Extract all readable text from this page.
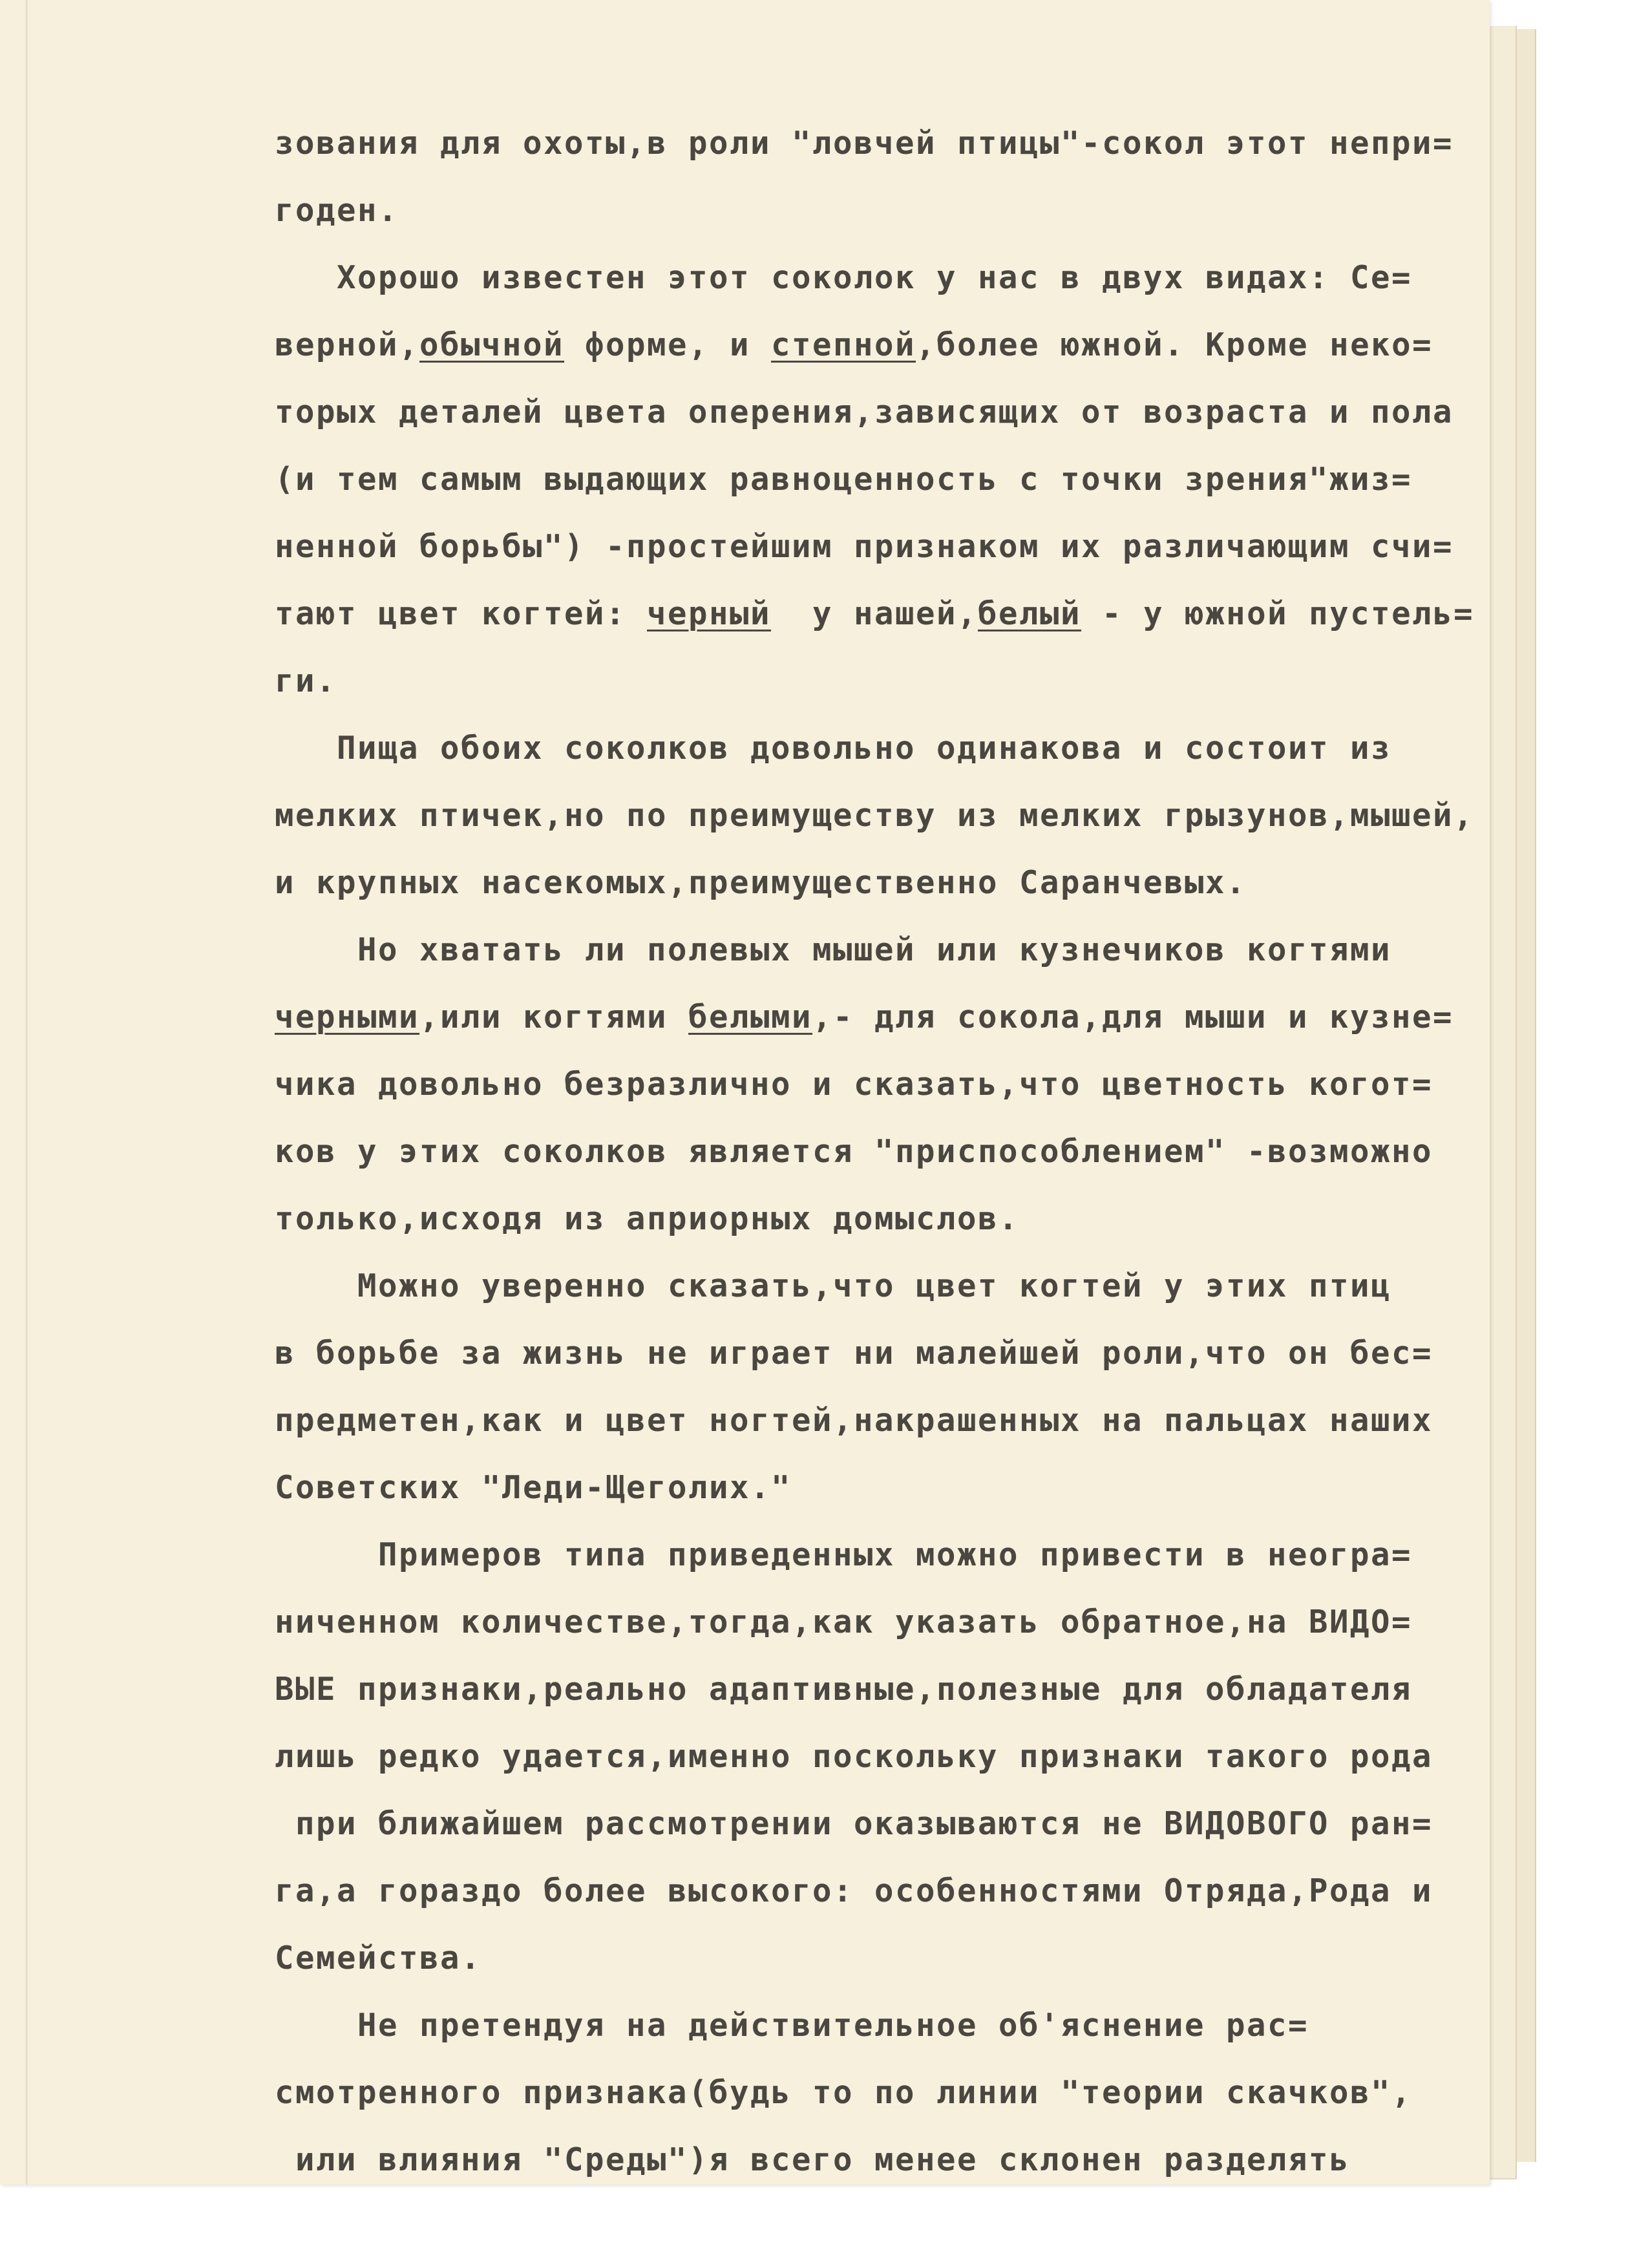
зования для охоты,в роли "ловчей птицы"-сокол этот непри=
годен.
Хорошо известен этот соколок у нас в двух видах: Се=
верной,обычной форме, и степной,более южной. Кроме неко=
торых деталей цвета оперения,зависящих от возраста и пола
(и тем самым выдающих равноценность с точки зрения"жиз=
ненной борьбы") -простейшим признаком их различающим счи=
тают цвет когтей: черный  у нашей,белый - у южной пустель=
ги.
Пища обоих соколков довольно одинакова и состоит из
мелких птичек,но по преимуществу из мелких грызунов,мышей,
и крупных насекомых,преимущественно Саранчевых.
Но хватать ли полевых мышей или кузнечиков когтями
черными,или когтями белыми,- для сокола,для мыши и кузне=
чика довольно безразлично и сказать,что цветность когот=
ков у этих соколков является "приспособлением" -возможно
только,исходя из априорных домыслов.
Можно уверенно сказать,что цвет когтей у этих птиц
в борьбе за жизнь не играет ни малейшей роли,что он бес=
предметен,как и цвет ногтей,накрашенных на пальцах наших
Советских "Леди-Щеголих."
Примеров типа приведенных можно привести в неогра=
ниченном количестве,тогда,как указать обратное,на ВИДО=
ВЫЕ признаки,реально адаптивные,полезные для обладателя
лишь редко удается,именно поскольку признаки такого рода
при ближайшем рассмотрении оказываются не ВИДОВОГО ран=
га,а гораздо более высокого: особенностями Отряда,Рода и
Семейства.
Не претендуя на действительное об'яснение рас=
смотренного признака(будь то по линии "теории скачков",
или влияния "Среды")я всего менее склонен разделять
